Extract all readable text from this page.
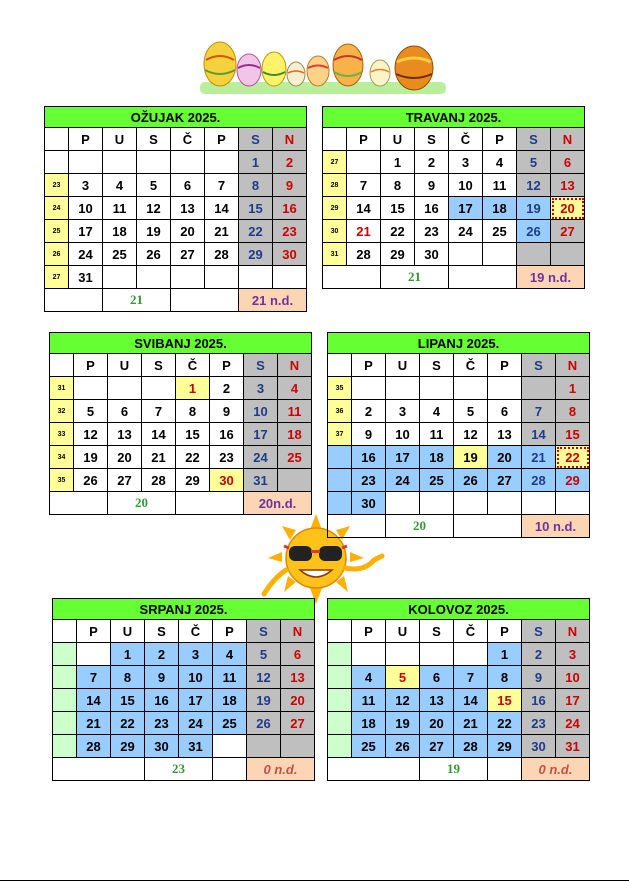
OŽUJAK 2025.							
	P	U	S	Č	P	S	N
						1	2
23	3	4	5	6	7	8	9
24	10	11	12	13	14	15	16
25	17	18	19	20	21	22	23
26	24	25	26	27	28	29	30
27	31						
		21				21 n.d.	
TRAVANJ 2025.							
	P	U	S	Č	P	S	N
27		1	2	3	4	5	6
28	7	8	9	10	11	12	13
29	14	15	16	17	18	19	20
30	21	22	23	24	25	26	27
31	28	29	30				
		21				19 n.d.	
SVIBANJ 2025.							
	P	U	S	Č	P	S	N
31				1	2	3	4
32	5	6	7	8	9	10	11
33	12	13	14	15	16	17	18
34	19	20	21	22	23	24	25
35	26	27	28	29	30	31	
		20				20n.d.	
LIPANJ 2025.							
	P	U	S	Č	P	S	N
35							1
36	2	3	4	5	6	7	8
37	9	10	11	12	13	14	15
	16	17	18	19	20	21	22
	23	24	25	26	27	28	29
	30						
		20				10 n.d.	
SRPANJ 2025.							
	P	U	S	Č	P	S	N
		1	2	3	4	5	6
	7	8	9	10	11	12	13
	14	15	16	17	18	19	20
	21	22	23	24	25	26	27
	28	29	30	31			
			23			0 n.d.	
KOLOVOZ 2025.							
	P	U	S	Č	P	S	N
					1	2	3
	4	5	6	7	8	9	10
	11	12	13	14	15	16	17
	18	19	20	21	22	23	24
	25	26	27	28	29	30	31
			19			0 n.d.	
